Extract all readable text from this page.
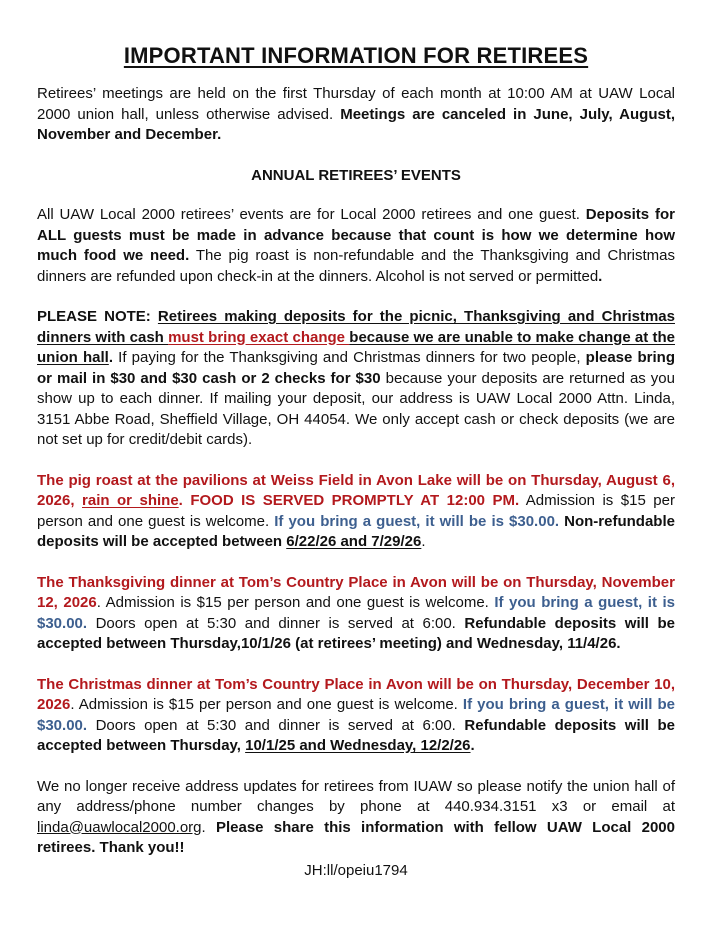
IMPORTANT INFORMATION FOR RETIREES

Retirees’ meetings are held on the first Thursday of each month at 10:00 AM at UAW Local 2000 union hall, unless otherwise advised. Meetings are canceled in June, July, August, November and December.

ANNUAL RETIREES’ EVENTS

All UAW Local 2000 retirees’ events are for Local 2000 retirees and one guest. Deposits for ALL guests must be made in advance because that count is how we determine how much food we need. The pig roast is non-refundable and the Thanksgiving and Christmas dinners are refunded upon check-in at the dinners. Alcohol is not served or permitted.

PLEASE NOTE: Retirees making deposits for the picnic, Thanksgiving and Christmas dinners with cash must bring exact change because we are unable to make change at the union hall. If paying for the Thanksgiving and Christmas dinners for two people, please bring or mail in $30 and $30 cash or 2 checks for $30 because your deposits are returned as you show up to each dinner. If mailing your deposit, our address is UAW Local 2000 Attn. Linda, 3151 Abbe Road, Sheffield Village, OH 44054. We only accept cash or check deposits (we are not set up for credit/debit cards).

The pig roast at the pavilions at Weiss Field in Avon Lake will be on Thursday, August 6, 2026, rain or shine. FOOD IS SERVED PROMPTLY AT 12:00 PM. Admission is $15 per person and one guest is welcome. If you bring a guest, it will be is $30.00. Non-refundable deposits will be accepted between 6/22/26 and 7/29/26.

The Thanksgiving dinner at Tom’s Country Place in Avon will be on Thursday, November 12, 2026. Admission is $15 per person and one guest is welcome. If you bring a guest, it is $30.00. Doors open at 5:30 and dinner is served at 6:00. Refundable deposits will be accepted between Thursday,10/1/26 (at retirees’ meeting) and Wednesday, 11/4/26.

The Christmas dinner at Tom’s Country Place in Avon will be on Thursday, December 10, 2026. Admission is $15 per person and one guest is welcome. If you bring a guest, it will be $30.00. Doors open at 5:30 and dinner is served at 6:00. Refundable deposits will be accepted between Thursday, 10/1/25 and Wednesday, 12/2/26.

We no longer receive address updates for retirees from IUAW so please notify the union hall of any address/phone number changes by phone at 440.934.3151 x3 or email at linda@uawlocal2000.org. Please share this information with fellow UAW Local 2000 retirees. Thank you!!

JH:ll/opeiu1794
